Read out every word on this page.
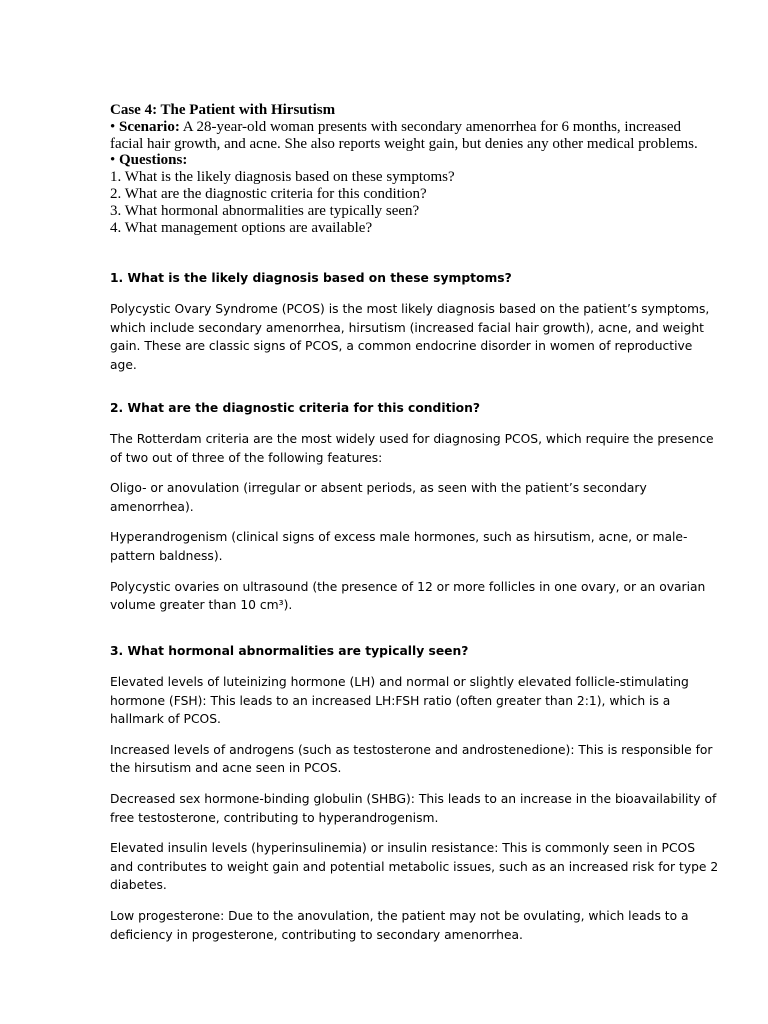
Case 4: The Patient with Hirsutism

• Scenario: A 28-year-old woman presents with secondary amenorrhea for 6 months, increased facial hair growth, and acne. She also reports weight gain, but denies any other medical problems.

• Questions:

1. What is the likely diagnosis based on these symptoms?

2. What are the diagnostic criteria for this condition?

3. What hormonal abnormalities are typically seen?

4. What management options are available?

1. What is the likely diagnosis based on these symptoms?

Polycystic Ovary Syndrome (PCOS) is the most likely diagnosis based on the patient’s symptoms, which include secondary amenorrhea, hirsutism (increased facial hair growth), acne, and weight gain. These are classic signs of PCOS, a common endocrine disorder in women of reproductive age.

2. What are the diagnostic criteria for this condition?

The Rotterdam criteria are the most widely used for diagnosing PCOS, which require the presence of two out of three of the following features:

Oligo- or anovulation (irregular or absent periods, as seen with the patient’s secondary amenorrhea).

Hyperandrogenism (clinical signs of excess male hormones, such as hirsutism, acne, or male-pattern baldness).

Polycystic ovaries on ultrasound (the presence of 12 or more follicles in one ovary, or an ovarian volume greater than 10 cm³).

3. What hormonal abnormalities are typically seen?

Elevated levels of luteinizing hormone (LH) and normal or slightly elevated follicle-stimulating hormone (FSH): This leads to an increased LH:FSH ratio (often greater than 2:1), which is a hallmark of PCOS.

Increased levels of androgens (such as testosterone and androstenedione): This is responsible for the hirsutism and acne seen in PCOS.

Decreased sex hormone-binding globulin (SHBG): This leads to an increase in the bioavailability of free testosterone, contributing to hyperandrogenism.

Elevated insulin levels (hyperinsulinemia) or insulin resistance: This is commonly seen in PCOS and contributes to weight gain and potential metabolic issues, such as an increased risk for type 2 diabetes.

Low progesterone: Due to the anovulation, the patient may not be ovulating, which leads to a deficiency in progesterone, contributing to secondary amenorrhea.
